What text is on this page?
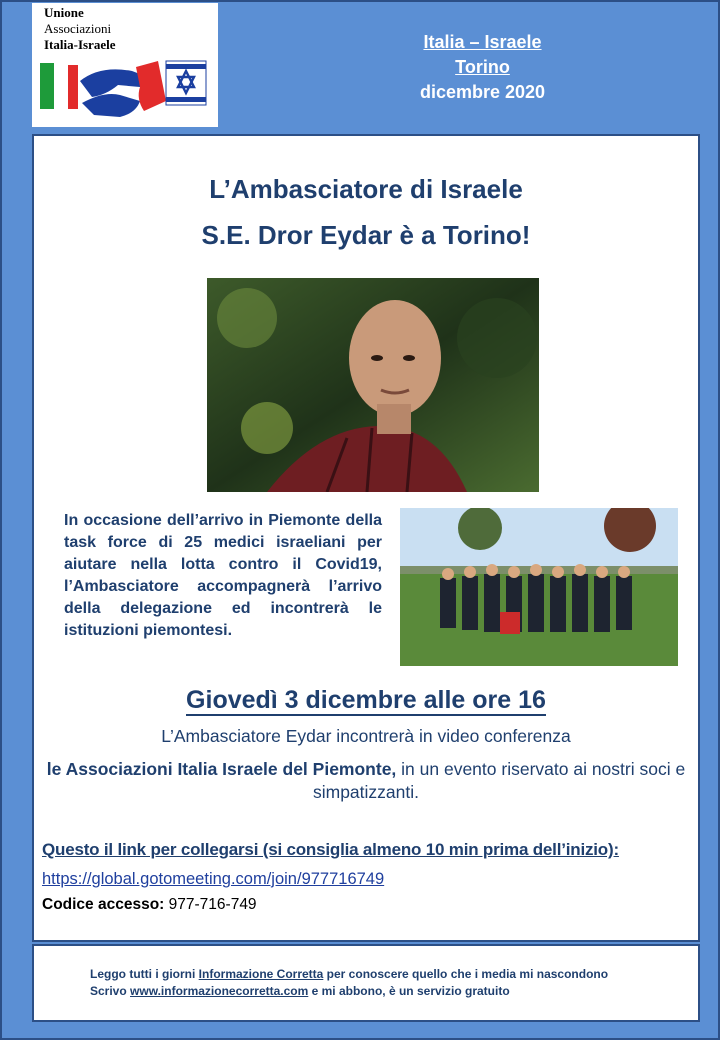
Unione
Associazioni
Italia-Israele	Italia – Israele
Torino
dicembre 2020
L’Ambasciatore di Israele
S.E. Dror Eydar è a Torino!
In occasione dell’arrivo in Piemonte della task force di 25 medici israeliani per aiutare nella lotta contro il Covid19, l’Ambasciatore accompagnerà l’arrivo della delegazione ed incontrerà le istituzioni piemontesi.
Giovedì 3 dicembre alle ore 16
L’Ambasciatore Eydar incontrerà in video conferenza
le Associazioni Italia Israele del Piemonte, in un evento riservato ai nostri soci e simpatizzanti.
Questo il link per collegarsi (si consiglia almeno 10 min prima dell’inizio):
https://global.gotomeeting.com/join/977716749
Codice accesso: 977-716-749
Leggo tutti i giorni Informazione Corretta per conoscere quello che i media mi nascondono
Scrivo www.informazionecorretta.com e mi abbono, è un servizio gratuito
